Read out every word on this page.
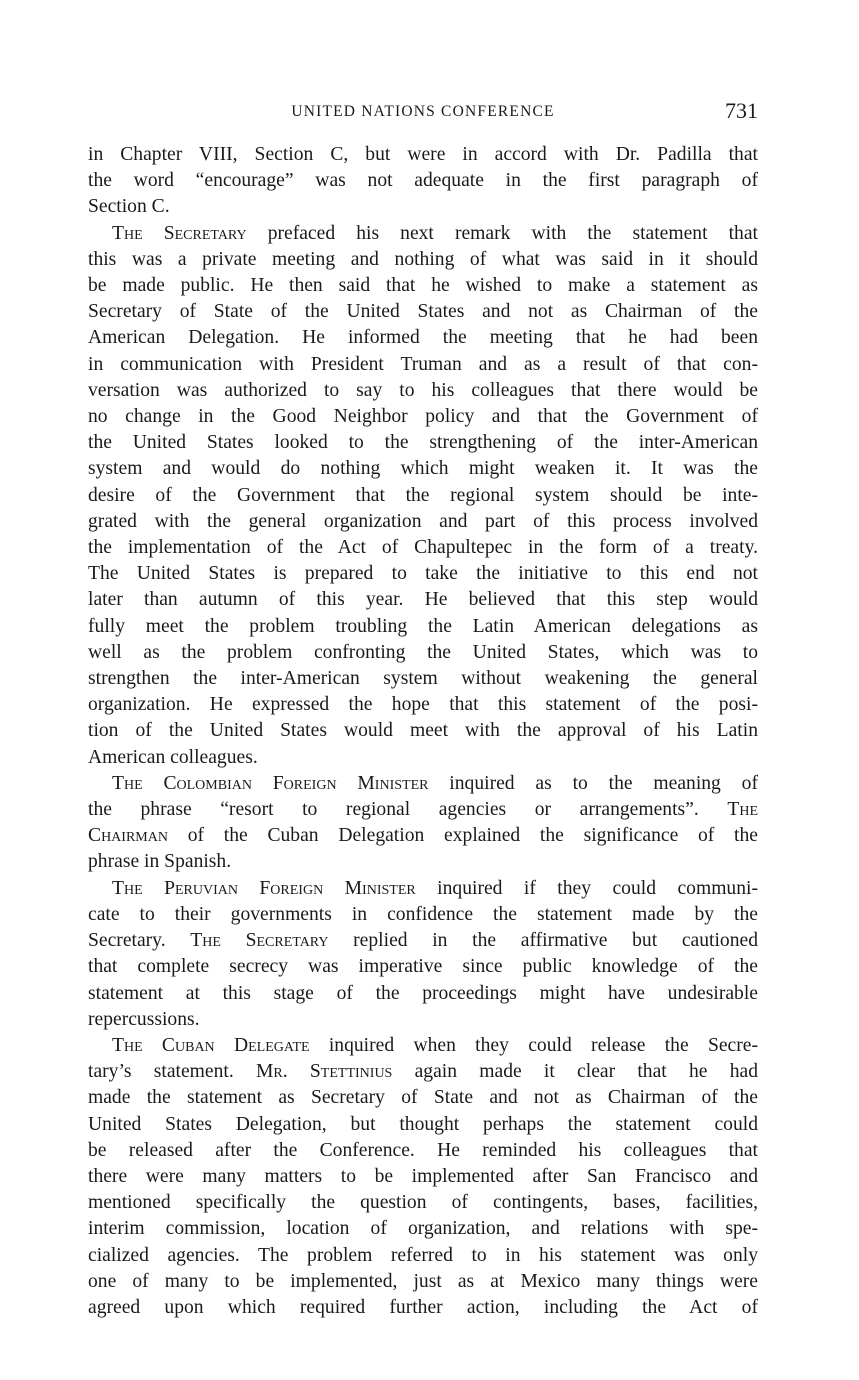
UNITED NATIONS CONFERENCE	731

in Chapter VIII, Section C, but were in accord with Dr. Padilla that
the word “encourage” was not adequate in the first paragraph of
Section C.

The Secretary prefaced his next remark with the statement that
this was a private meeting and nothing of what was said in it should
be made public. He then said that he wished to make a statement as
Secretary of State of the United States and not as Chairman of the
American Delegation. He informed the meeting that he had been
in communication with President Truman and as a result of that con-
versation was authorized to say to his colleagues that there would be
no change in the Good Neighbor policy and that the Government of
the United States looked to the strengthening of the inter-American
system and would do nothing which might weaken it. It was the
desire of the Government that the regional system should be inte-
grated with the general organization and part of this process involved
the implementation of the Act of Chapultepec in the form of a treaty.
The United States is prepared to take the initiative to this end not
later than autumn of this year. He believed that this step would
fully meet the problem troubling the Latin American delegations as
well as the problem confronting the United States, which was to
strengthen the inter-American system without weakening the general
organization. He expressed the hope that this statement of the posi-
tion of the United States would meet with the approval of his Latin
American colleagues.

The Colombian Foreign Minister inquired as to the meaning of
the phrase “resort to regional agencies or arrangements”. The
Chairman of the Cuban Delegation explained the significance of the
phrase in Spanish.

The Peruvian Foreign Minister inquired if they could communi-
cate to their governments in confidence the statement made by the
Secretary. The Secretary replied in the affirmative but cautioned
that complete secrecy was imperative since public knowledge of the
statement at this stage of the proceedings might have undesirable
repercussions.

The Cuban Delegate inquired when they could release the Secre-
tary’s statement. Mr. Stettinius again made it clear that he had
made the statement as Secretary of State and not as Chairman of the
United States Delegation, but thought perhaps the statement could
be released after the Conference. He reminded his colleagues that
there were many matters to be implemented after San Francisco and
mentioned specifically the question of contingents, bases, facilities,
interim commission, location of organization, and relations with spe-
cialized agencies. The problem referred to in his statement was only
one of many to be implemented, just as at Mexico many things were
agreed upon which required further action, including the Act of
